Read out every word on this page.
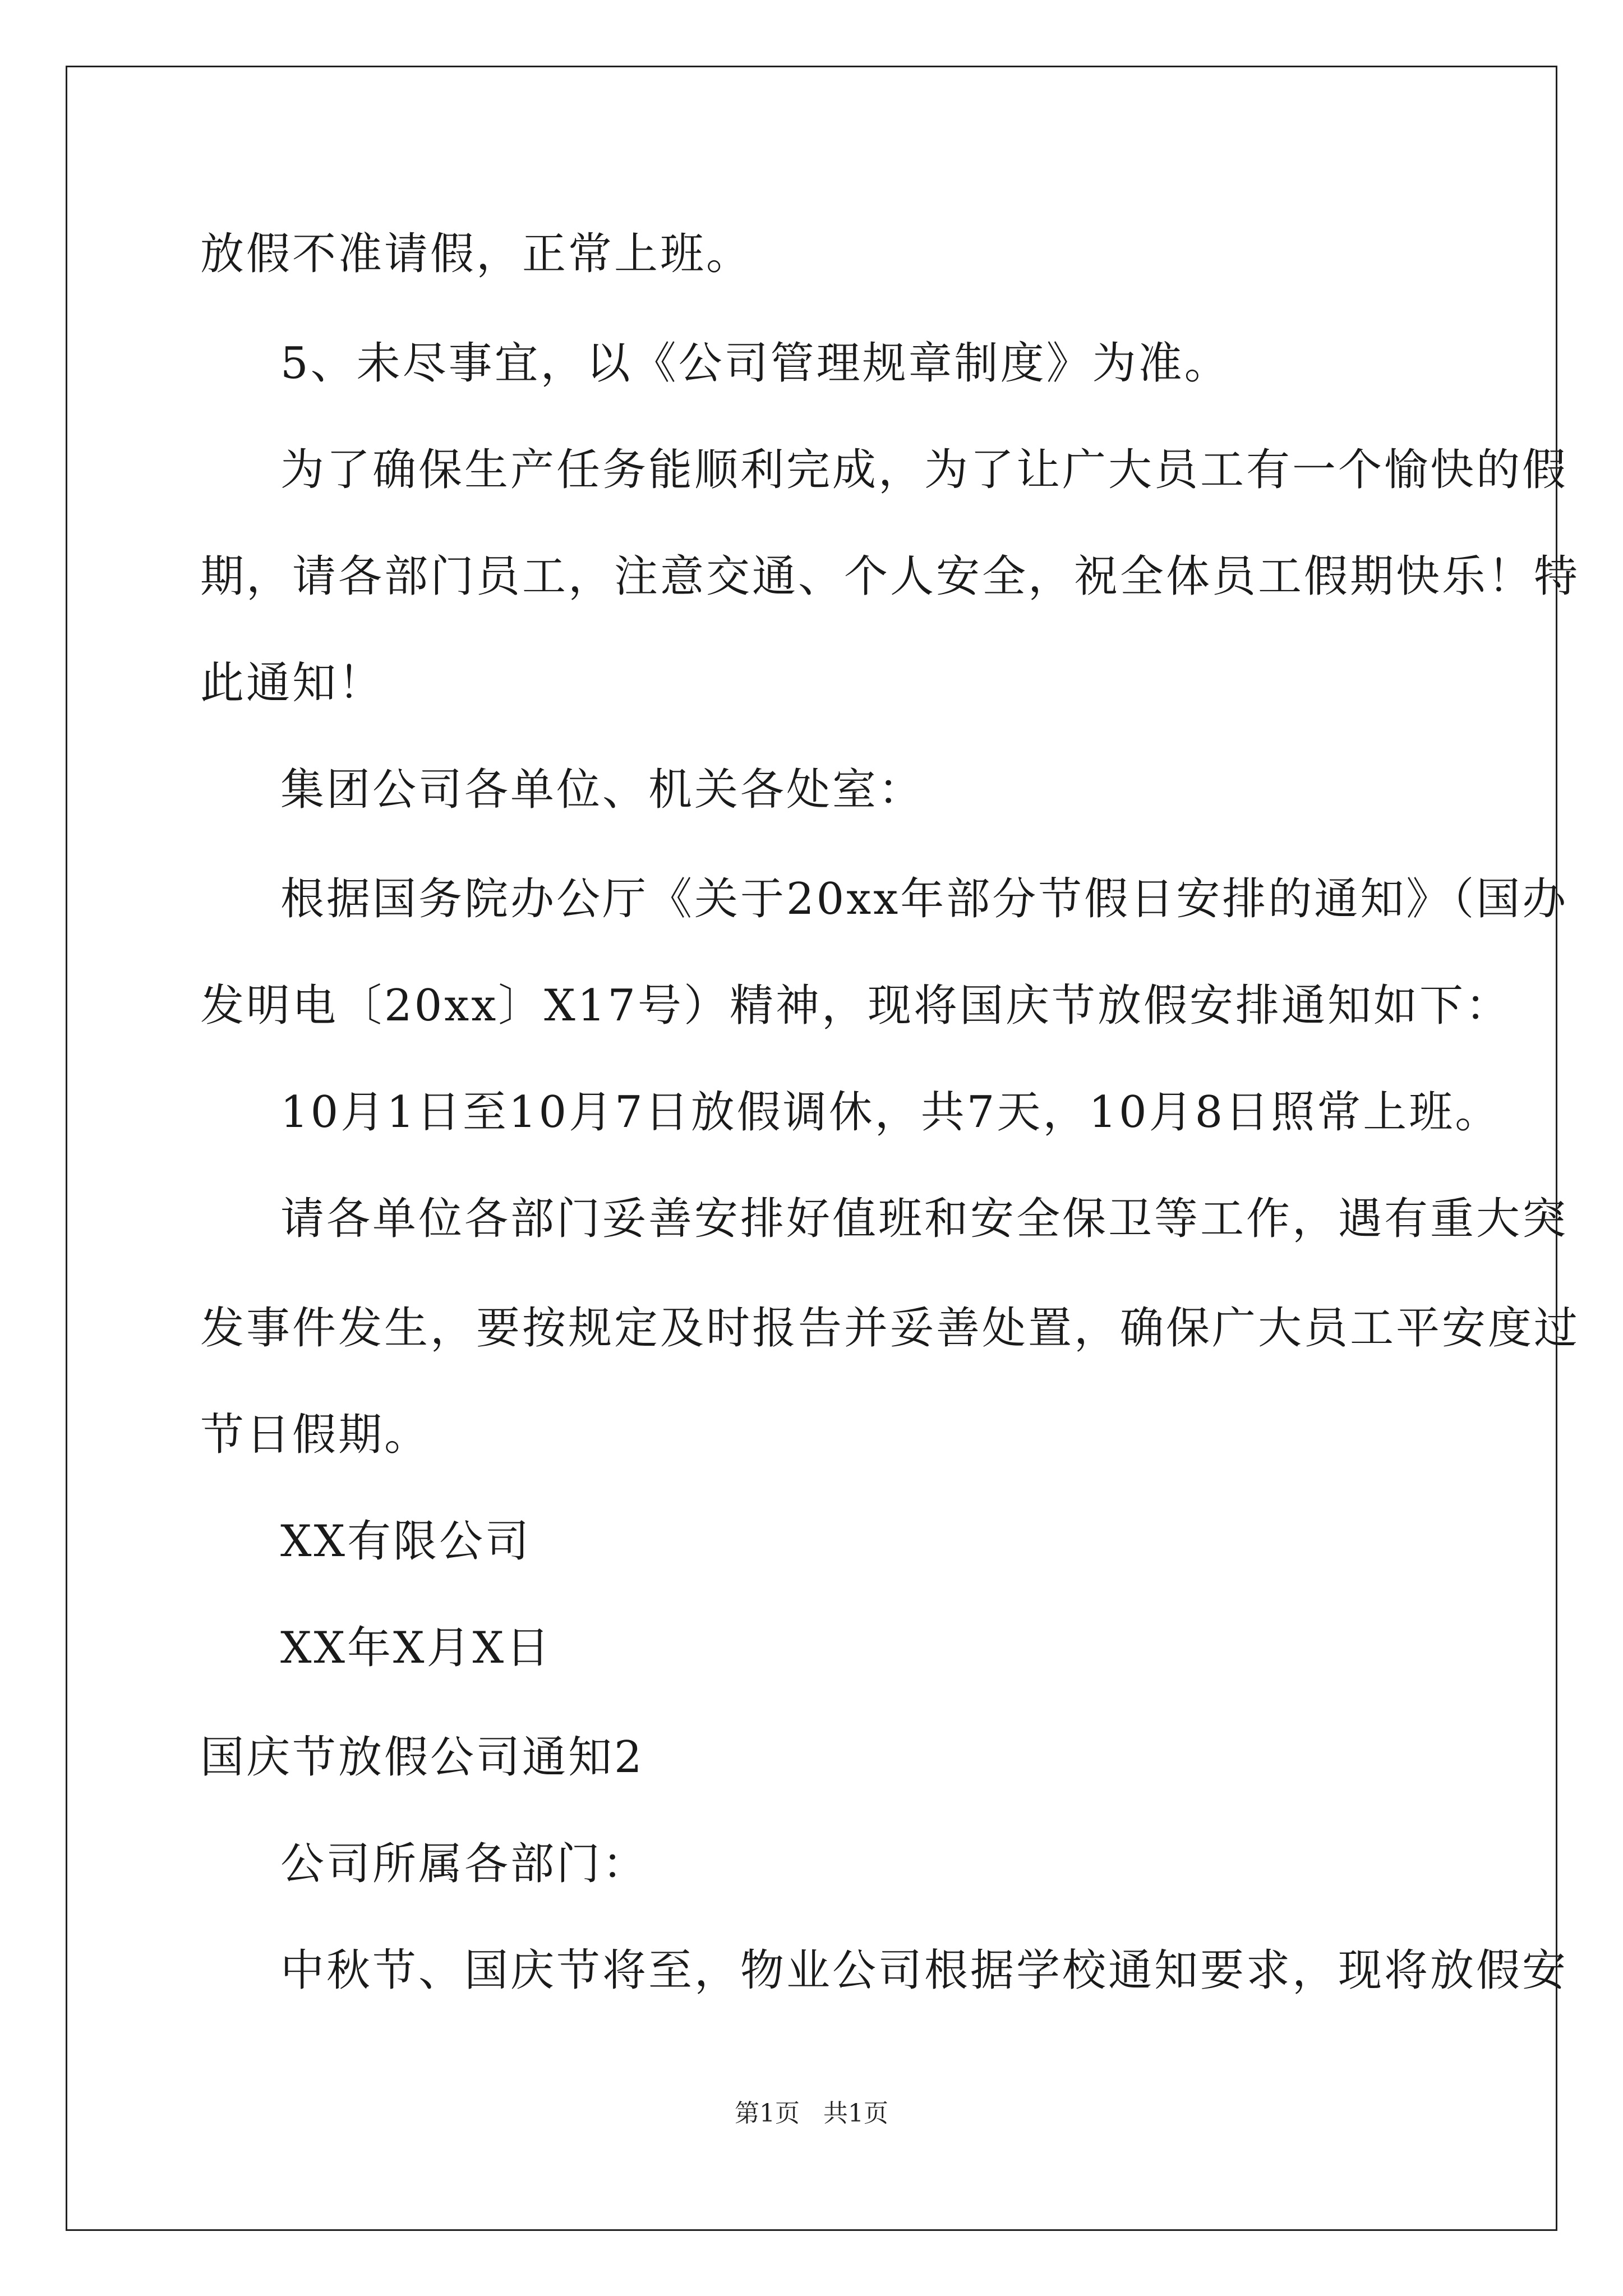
放假不准请假，正常上班。
5、未尽事宜，以《公司管理规章制度》为准。
为了确保生产任务能顺利完成，为了让广大员工有一个愉快的假
期，请各部门员工，注意交通、个人安全，祝全体员工假期快乐！特
此通知！
集团公司各单位、机关各处室：
根据国务院办公厅《关于20xx年部分节假日安排的通知》（国办
发明电〔20xx〕X17号）精神，现将国庆节放假安排通知如下：
10月1日至10月7日放假调休，共7天，10月8日照常上班。
请各单位各部门妥善安排好值班和安全保卫等工作，遇有重大突
发事件发生，要按规定及时报告并妥善处置，确保广大员工平安度过
节日假期。
XX有限公司
XX年X月X日
国庆节放假公司通知2
公司所属各部门：
中秋节、国庆节将至，物业公司根据学校通知要求，现将放假安
第1页   共1页
